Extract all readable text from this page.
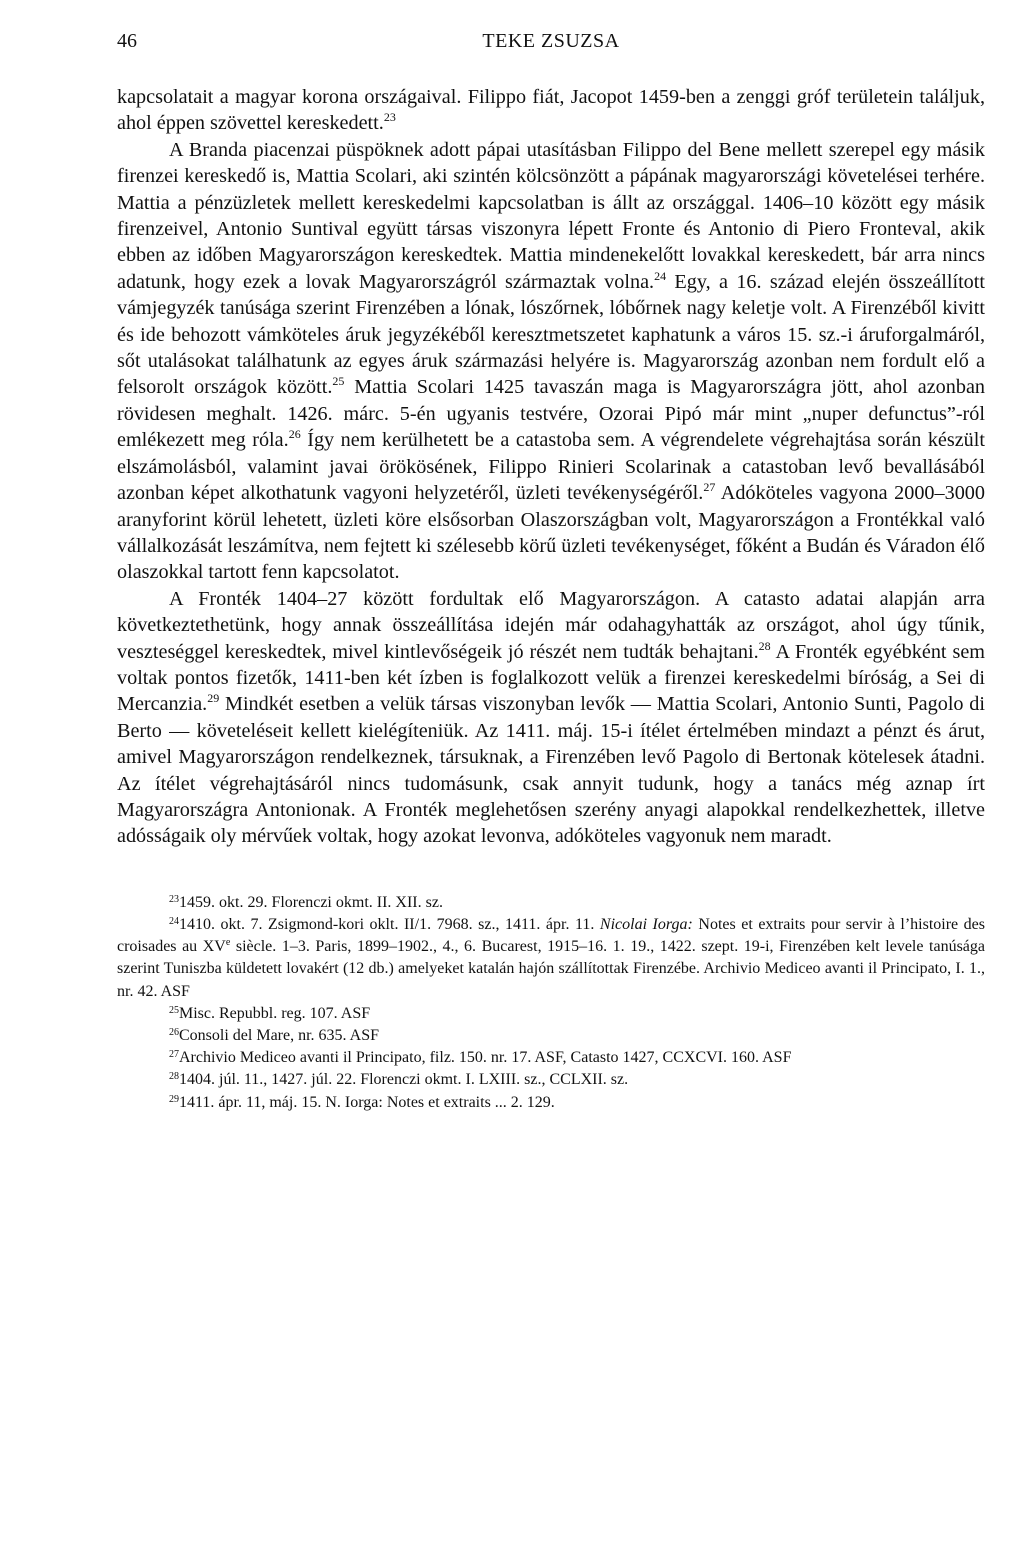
46	TEKE ZSUZSA

kapcsolatait a magyar korona országaival. Filippo fiát, Jacopot 1459-ben a zenggi gróf területein találjuk, ahol éppen szövettel kereskedett.$^{23}$

A Branda piacenzai püspöknek adott pápai utasításban Filippo del Bene mellett szerepel egy másik firenzei kereskedő is, Mattia Scolari, aki szintén kölcsönzött a pápának magyarországi követelései terhére. Mattia a pénzüzletek mellett kereskedelmi kapcsolatban is állt az országgal. 1406–10 között egy másik firenzeivel, Antonio Suntival együtt társas viszonyra lépett Fronte és Antonio di Piero Fronteval, akik ebben az időben Magyarországon kereskedtek. Mattia mindenekelőtt lovakkal kereskedett, bár arra nincs adatunk, hogy ezek a lovak Magyarországról származtak volna.$^{24}$ Egy, a 16. század elején összeállított vámjegyzék tanúsága szerint Firenzében a lónak, lószőrnek, lóbőrnek nagy keletje volt. A Firenzéből kivitt és ide behozott vámköteles áruk jegyzékéből keresztmetszetet kaphatunk a város 15. sz.-i áruforgalmáról, sőt utalásokat találhatunk az egyes áruk származási helyére is. Magyarország azonban nem fordult elő a felsorolt országok között.$^{25}$ Mattia Scolari 1425 tavaszán maga is Magyarországra jött, ahol azonban rövidesen meghalt. 1426. márc. 5-én ugyanis testvére, Ozorai Pipó már mint „nuper defunctus”-ról emlékezett meg róla.$^{26}$ Így nem kerülhetett be a catastoba sem. A végrendelete végrehajtása során készült elszámolásból, valamint javai örökösének, Filippo Rinieri Scolarinak a catastoban levő bevallásából azonban képet alkothatunk vagyoni helyzetéről, üzleti tevékenységéről.$^{27}$ Adóköteles vagyona 2000–3000 aranyforint körül lehetett, üzleti köre elsősorban Olaszországban volt, Magyarországon a Frontékkal való vállalkozását leszámítva, nem fejtett ki szélesebb körű üzleti tevékenységet, főként a Budán és Váradon élő olaszokkal tartott fenn kapcsolatot.

A Fronték 1404–27 között fordultak elő Magyarországon. A catasto adatai alapján arra következtethetünk, hogy annak összeállítása idején már odahagyhatták az országot, ahol úgy tűnik, veszteséggel kereskedtek, mivel kintlevőségeik jó részét nem tudták behajtani.$^{28}$ A Fronték egyébként sem voltak pontos fizetők, 1411-ben két ízben is foglalkozott velük a firenzei kereskedelmi bíróság, a Sei di Mercanzia.$^{29}$ Mindkét esetben a velük társas viszonyban levők — Mattia Scolari, Antonio Sunti, Pagolo di Berto — követeléseit kellett kielégíteniük. Az 1411. máj. 15-i ítélet értelmében mindazt a pénzt és árut, amivel Magyarországon rendelkeznek, társuknak, a Firenzében levő Pagolo di Bertonak kötelesek átadni. Az ítélet végrehajtásáról nincs tudomásunk, csak annyit tudunk, hogy a tanács még aznap írt Magyarországra Antonionak. A Fronték meglehetősen szerény anyagi alapokkal rendelkezhettek, illetve adósságaik oly mérvűek voltak, hogy azokat levonva, adóköteles vagyonuk nem maradt.

$^{23}$1459. okt. 29. Florenczi okmt. II. XII. sz.

$^{24}$1410. okt. 7. Zsigmond-kori oklt. II/1. 7968. sz., 1411. ápr. 11. Nicolai Iorga: Notes et extraits pour servir à l’histoire des croisades au XVe siècle. 1–3. Paris, 1899–1902., 4., 6. Bucarest, 1915–16. 1. 19., 1422. szept. 19-i, Firenzében kelt levele tanúsága szerint Tuniszba küldetett lovakért (12 db.) amelyeket katalán hajón szállítottak Firenzébe. Archivio Mediceo avanti il Principato, I. 1., nr. 42. ASF

$^{25}$Misc. Repubbl. reg. 107. ASF

$^{26}$Consoli del Mare, nr. 635. ASF

$^{27}$Archivio Mediceo avanti il Principato, filz. 150. nr. 17. ASF, Catasto 1427, CCXCVI. 160. ASF

$^{28}$1404. júl. 11., 1427. júl. 22. Florenczi okmt. I. LXIII. sz., CCLXII. sz.

$^{29}$1411. ápr. 11, máj. 15. N. Iorga: Notes et extraits ... 2. 129.
